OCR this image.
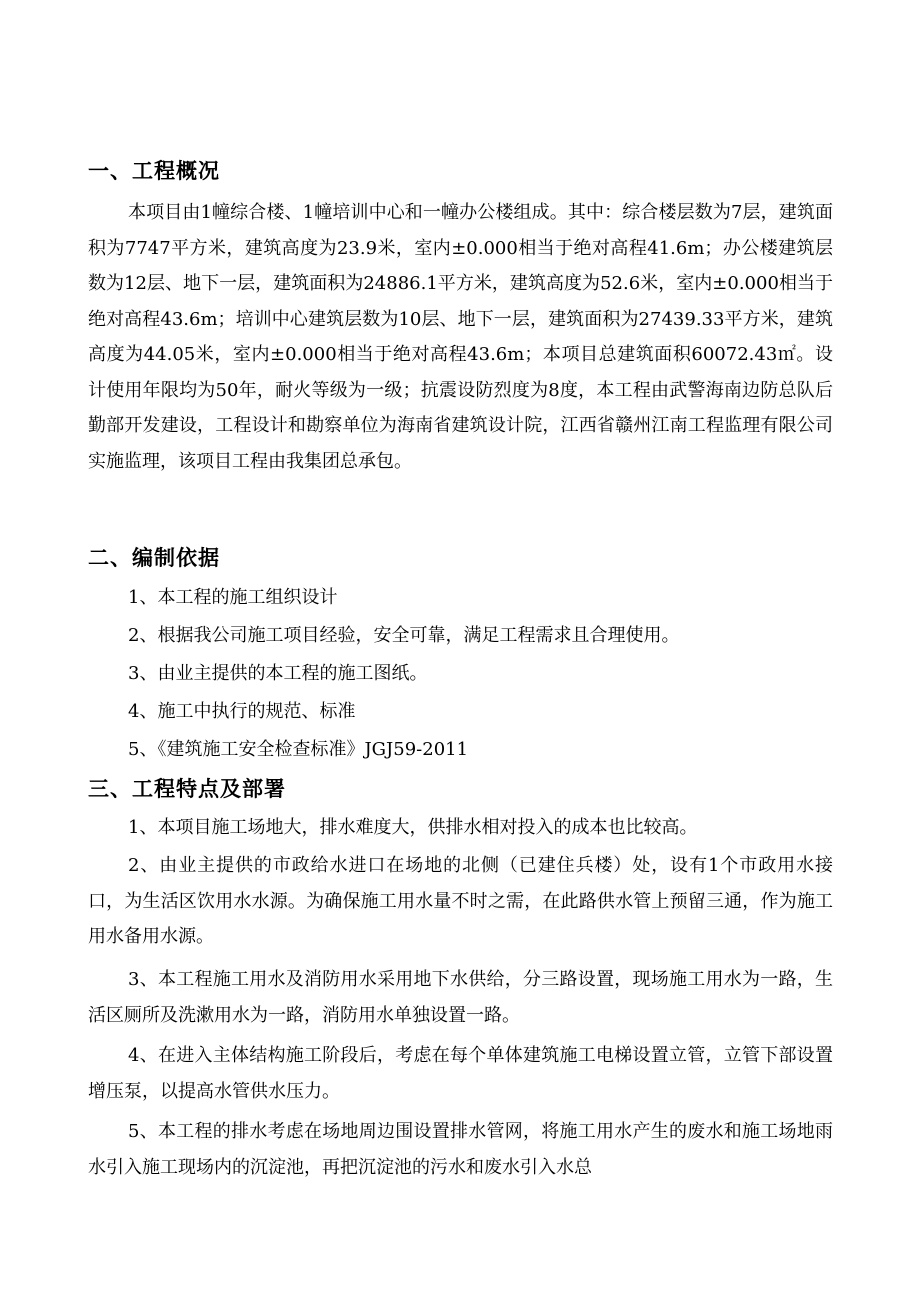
一、工程概况

本项目由1幢综合楼、1幢培训中心和一幢办公楼组成。其中：综合楼层数为7层，建筑面积为7747平方米，建筑高度为23.9米，室内±0.000相当于绝对高程41.6m；办公楼建筑层数为12层、地下一层，建筑面积为24886.1平方米，建筑高度为52.6米，室内±0.000相当于绝对高程43.6m；培训中心建筑层数为10层、地下一层，建筑面积为27439.33平方米，建筑高度为44.05米，室内±0.000相当于绝对高程43.6m；本项目总建筑面积60072.43㎡。设计使用年限均为50年，耐火等级为一级；抗震设防烈度为8度，本工程由武警海南边防总队后勤部开发建设，工程设计和勘察单位为海南省建筑设计院，江西省赣州江南工程监理有限公司实施监理，该项目工程由我集团总承包。

二、编制依据

1、本工程的施工组织设计

2、根据我公司施工项目经验，安全可靠，满足工程需求且合理使用。

3、由业主提供的本工程的施工图纸。

4、施工中执行的规范、标准

5、《建筑施工安全检查标准》JGJ59-2011

三、工程特点及部署

1、本项目施工场地大，排水难度大，供排水相对投入的成本也比较高。

2、由业主提供的市政给水进口在场地的北侧（已建住兵楼）处，设有1个市政用水接口，为生活区饮用水水源。为确保施工用水量不时之需，在此路供水管上预留三通，作为施工用水备用水源。

3、本工程施工用水及消防用水采用地下水供给，分三路设置，现场施工用水为一路，生活区厕所及洗漱用水为一路，消防用水单独设置一路。

4、在进入主体结构施工阶段后，考虑在每个单体建筑施工电梯设置立管，立管下部设置增压泵，以提高水管供水压力。

5、本工程的排水考虑在场地周边围设置排水管网，将施工用水产生的废水和施工场地雨水引入施工现场内的沉淀池，再把沉淀池的污水和废水引入水总
